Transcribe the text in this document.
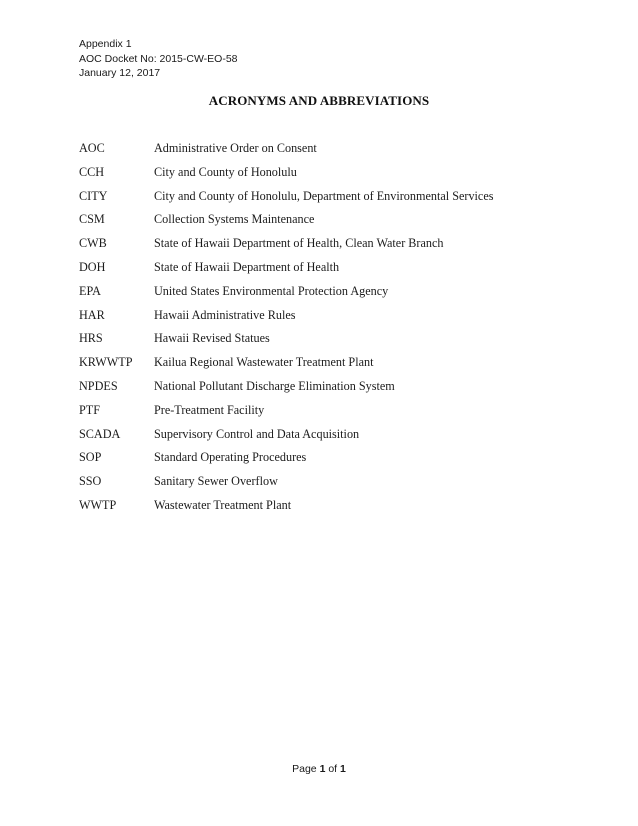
Appendix 1
AOC Docket No: 2015-CW-EO-58
January 12, 2017
ACRONYMS AND ABBREVIATIONS
AOC	Administrative Order on Consent
CCH	City and County of Honolulu
CITY	City and County of Honolulu, Department of Environmental Services
CSM	Collection Systems Maintenance
CWB	State of Hawaii Department of Health, Clean Water Branch
DOH	State of Hawaii Department of Health
EPA	United States Environmental Protection Agency
HAR	Hawaii Administrative Rules
HRS	Hawaii Revised Statues
KRWWTP	Kailua Regional Wastewater Treatment Plant
NPDES	National Pollutant Discharge Elimination System
PTF	Pre-Treatment Facility
SCADA	Supervisory Control and Data Acquisition
SOP	Standard Operating Procedures
SSO	Sanitary Sewer Overflow
WWTP	Wastewater Treatment Plant
Page 1 of 1
